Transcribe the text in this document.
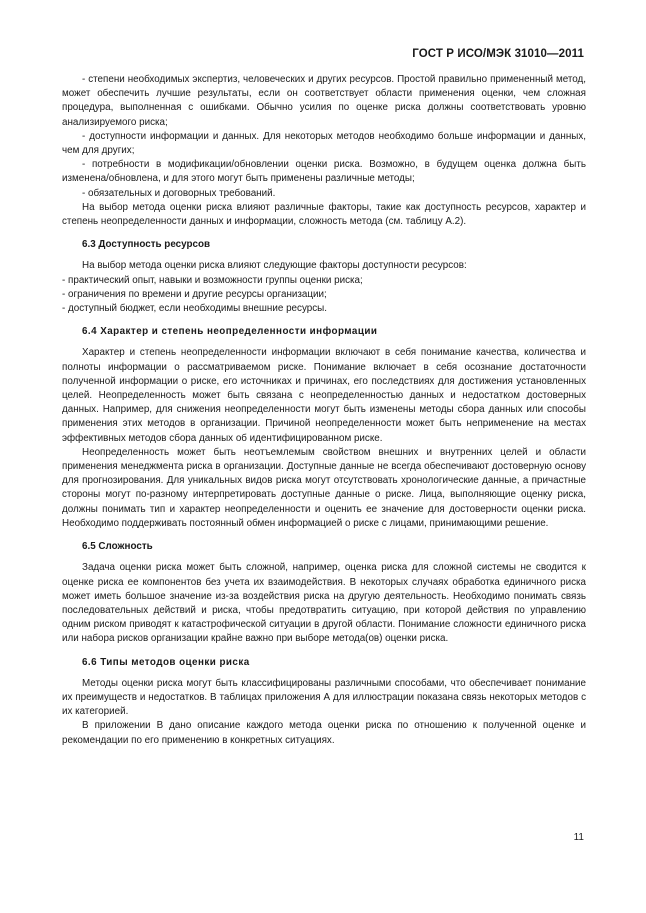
ГОСТ Р ИСО/МЭК 31010—2011

- степени необходимых экспертиз, человеческих и других ресурсов. Простой правильно примененный метод, может обеспечить лучшие результаты, если он соответствует области применения оценки, чем сложная процедура, выполненная с ошибками. Обычно усилия по оценке риска должны соответствовать уровню анализируемого риска;

- доступности информации и данных. Для некоторых методов необходимо больше информации и данных, чем для других;

- потребности в модификации/обновлении оценки риска. Возможно, в будущем оценка должна быть изменена/обновлена, и для этого могут быть применены различные методы;

- обязательных и договорных требований.

На выбор метода оценки риска влияют различные факторы, такие как доступность ресурсов, характер и степень неопределенности данных и информации, сложность метода (см. таблицу А.2).

6.3 Доступность ресурсов

На выбор метода оценки риска влияют следующие факторы доступности ресурсов:

- практический опыт, навыки и возможности группы оценки риска;

- ограничения по времени и другие ресурсы организации;

- доступный бюджет, если необходимы внешние ресурсы.

6.4 Характер и степень неопределенности информации

Характер и степень неопределенности информации включают в себя понимание качества, количества и полноты информации о рассматриваемом риске. Понимание включает в себя осознание достаточности полученной информации о риске, его источниках и причинах, его последствиях для достижения установленных целей. Неопределенность может быть связана с неопределенностью данных и недостатком достоверных данных. Например, для снижения неопределенности могут быть изменены методы сбора данных или способы применения этих методов в организации. Причиной неопределенности может быть неприменение на местах эффективных методов сбора данных об идентифицированном риске.

Неопределенность может быть неотъемлемым свойством внешних и внутренних целей и области применения менеджмента риска в организации. Доступные данные не всегда обеспечивают достоверную основу для прогнозирования. Для уникальных видов риска могут отсутствовать хронологические данные, а причастные стороны могут по-разному интерпретировать доступные данные о риске. Лица, выполняющие оценку риска, должны понимать тип и характер неопределенности и оценить ее значение для достоверности оценки риска. Необходимо поддерживать постоянный обмен информацией о риске с лицами, принимающими решение.

6.5 Сложность

Задача оценки риска может быть сложной, например, оценка риска для сложной системы не сводится к оценке риска ее компонентов без учета их взаимодействия. В некоторых случаях обработка единичного риска может иметь большое значение из-за воздействия риска на другую деятельность. Необходимо понимать связь последовательных действий и риска, чтобы предотвратить ситуацию, при которой действия по управлению одним риском приводят к катастрофической ситуации в другой области. Понимание сложности единичного риска или набора рисков организации крайне важно при выборе метода(ов) оценки риска.

6.6 Типы методов оценки риска

Методы оценки риска могут быть классифицированы различными способами, что обеспечивает понимание их преимуществ и недостатков. В таблицах приложения А для иллюстрации показана связь некоторых методов с их категорией.

В приложении В дано описание каждого метода оценки риска по отношению к полученной оценке и рекомендации по его применению в конкретных ситуациях.

11
